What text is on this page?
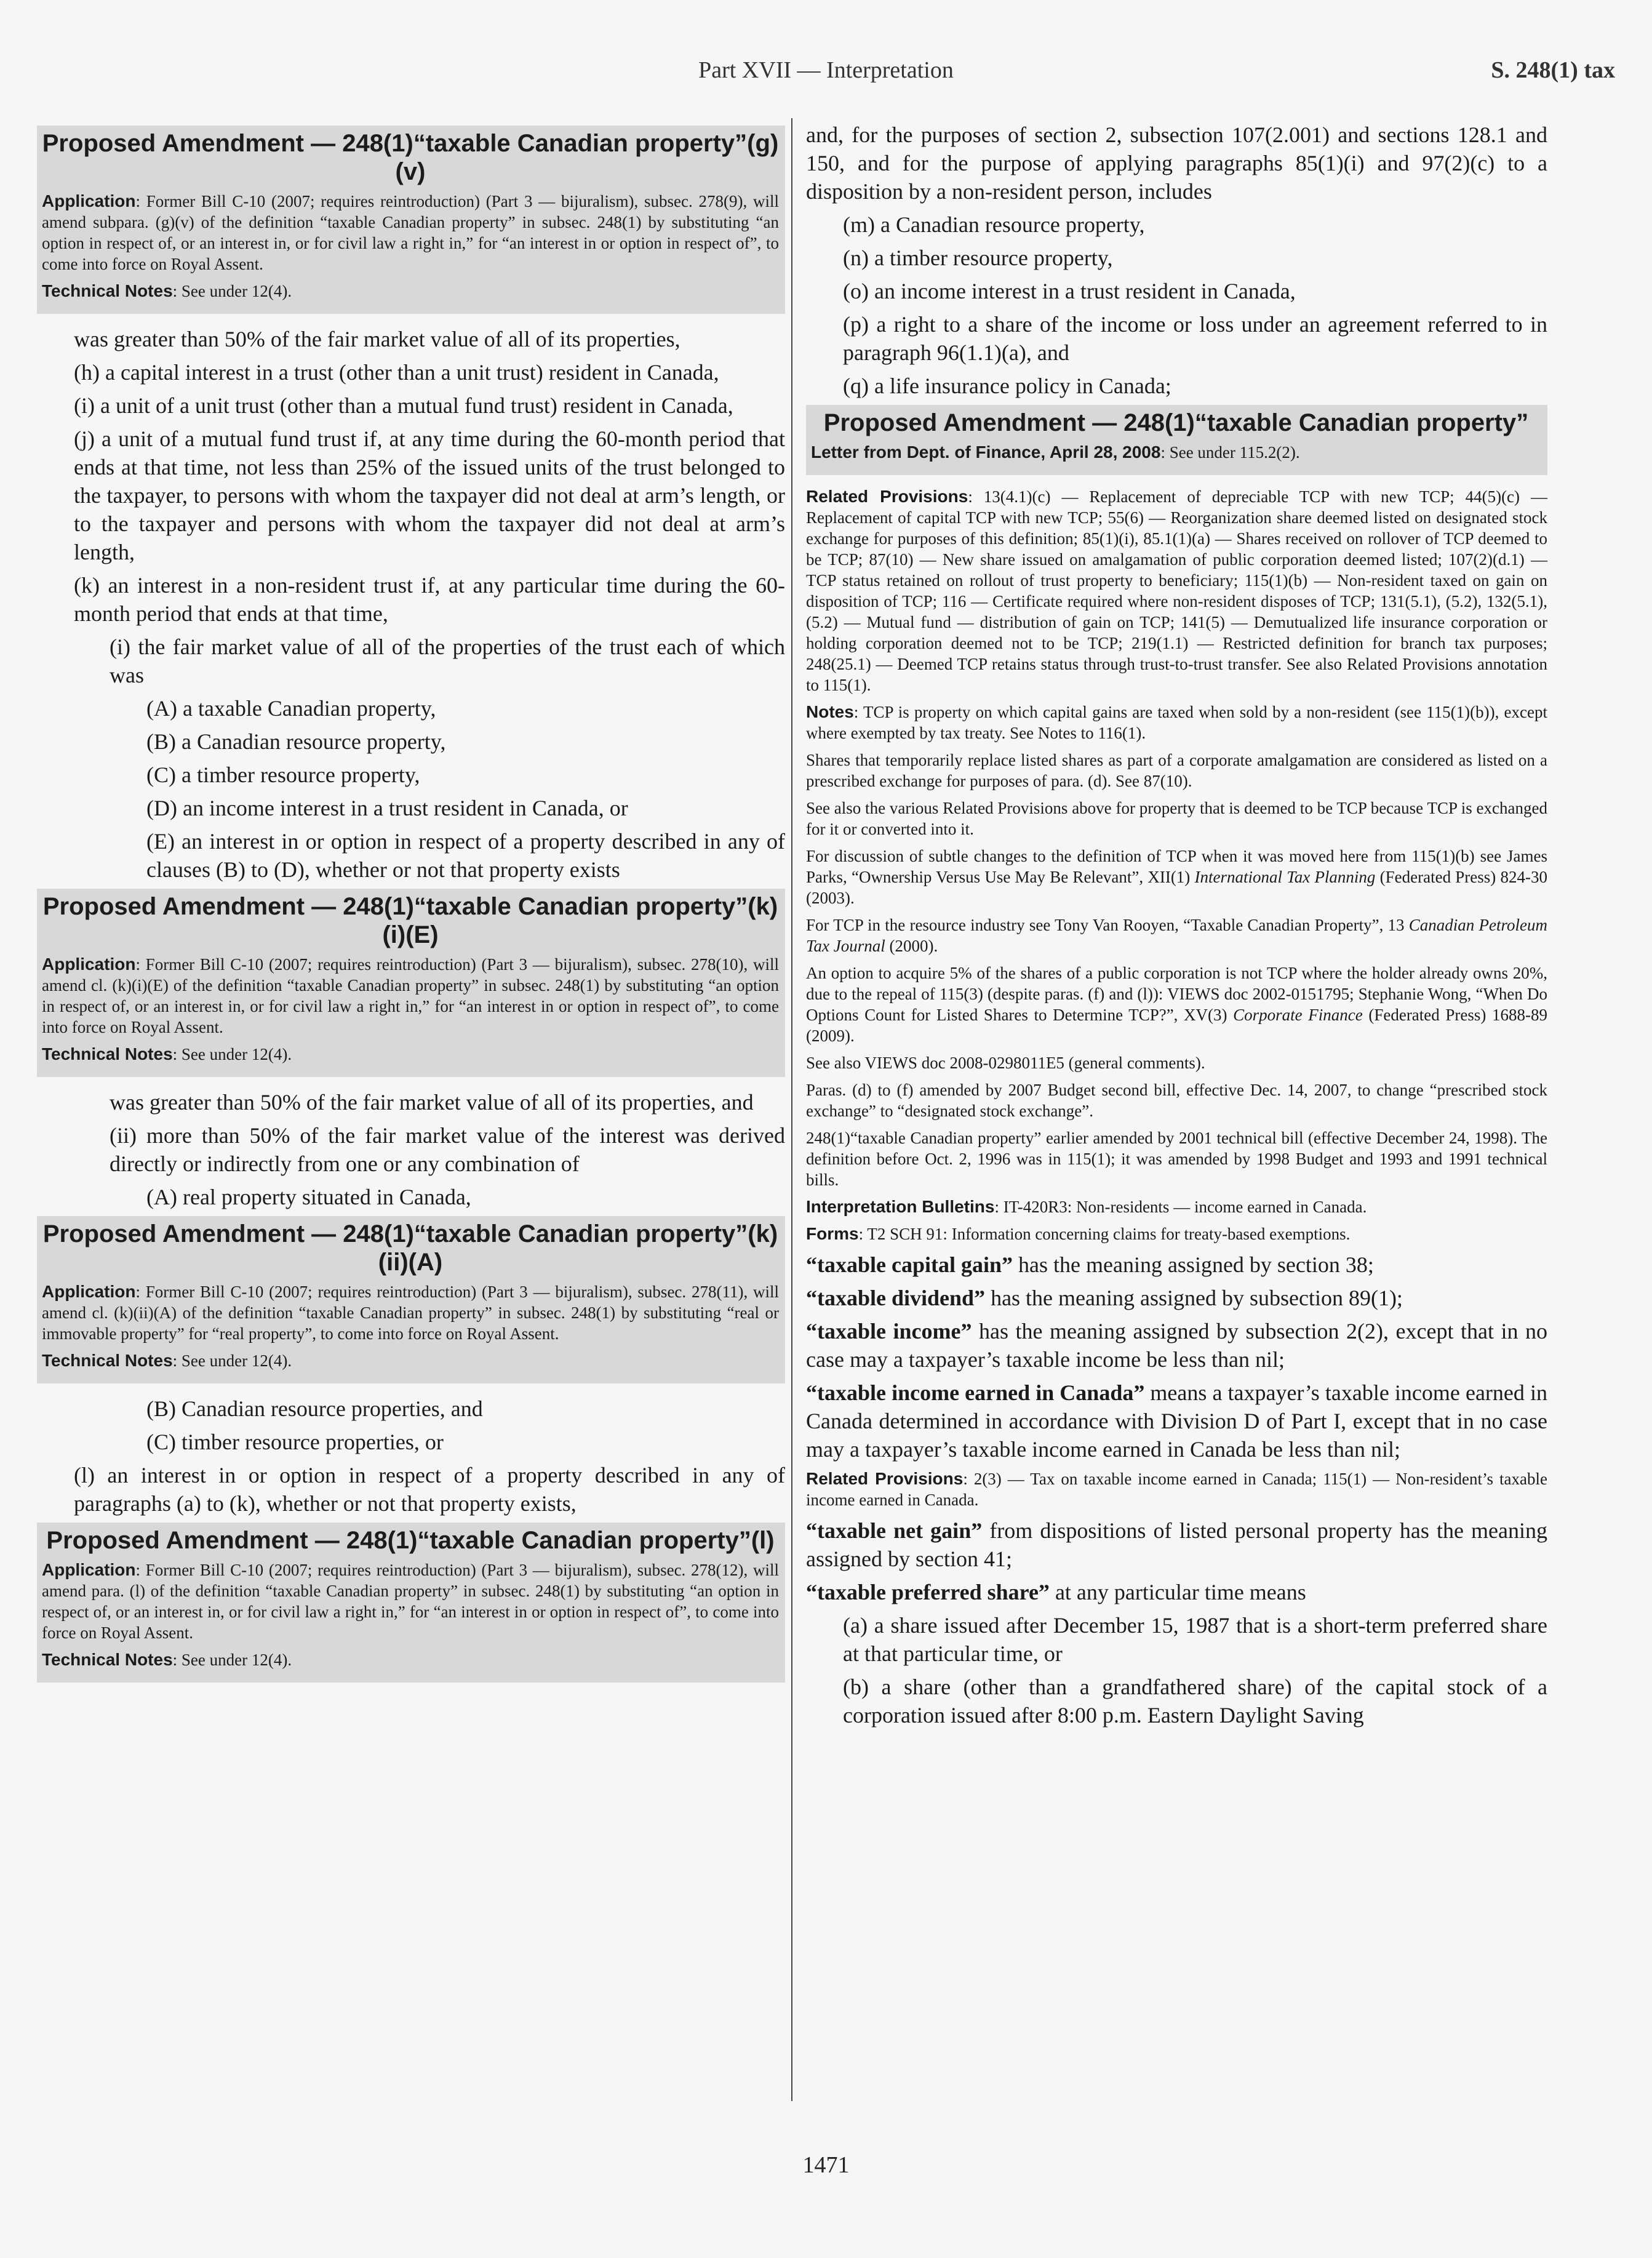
Part XVII — Interpretation	S. 248(1) tax
Proposed Amendment — 248(1)“taxable Canadian property”(g)(v)
Application: Former Bill C-10 (2007; requires reintroduction) (Part 3 — bijuralism), subsec. 278(9), will amend subpara. (g)(v) of the definition “taxable Canadian property” in subsec. 248(1) by substituting “an option in respect of, or an interest in, or for civil law a right in,” for “an interest in or option in respect of”, to come into force on Royal Assent.
Technical Notes: See under 12(4).

was greater than 50% of the fair market value of all of its properties,

(h) a capital interest in a trust (other than a unit trust) resident in Canada,

(i) a unit of a unit trust (other than a mutual fund trust) resident in Canada,

(j) a unit of a mutual fund trust if, at any time during the 60-month period that ends at that time, not less than 25% of the issued units of the trust belonged to the taxpayer, to persons with whom the taxpayer did not deal at arm’s length, or to the taxpayer and persons with whom the taxpayer did not deal at arm’s length,

(k) an interest in a non-resident trust if, at any particular time during the 60-month period that ends at that time,

(i) the fair market value of all of the properties of the trust each of which was

(A) a taxable Canadian property,

(B) a Canadian resource property,

(C) a timber resource property,

(D) an income interest in a trust resident in Canada, or

(E) an interest in or option in respect of a property described in any of clauses (B) to (D), whether or not that property exists

Proposed Amendment — 248(1)“taxable Canadian property”(k)(i)(E)
Application: Former Bill C-10 (2007; requires reintroduction) (Part 3 — bijuralism), subsec. 278(10), will amend cl. (k)(i)(E) of the definition “taxable Canadian property” in subsec. 248(1) by substituting “an option in respect of, or an interest in, or for civil law a right in,” for “an interest in or option in respect of”, to come into force on Royal Assent.
Technical Notes: See under 12(4).

was greater than 50% of the fair market value of all of its properties, and

(ii) more than 50% of the fair market value of the interest was derived directly or indirectly from one or any combination of

(A) real property situated in Canada,

Proposed Amendment — 248(1)“taxable Canadian property”(k)(ii)(A)
Application: Former Bill C-10 (2007; requires reintroduction) (Part 3 — bijuralism), subsec. 278(11), will amend cl. (k)(ii)(A) of the definition “taxable Canadian property” in subsec. 248(1) by substituting “real or immovable property” for “real property”, to come into force on Royal Assent.
Technical Notes: See under 12(4).

(B) Canadian resource properties, and

(C) timber resource properties, or

(l) an interest in or option in respect of a property described in any of paragraphs (a) to (k), whether or not that property exists,

Proposed Amendment — 248(1)“taxable Canadian property”(l)
Application: Former Bill C-10 (2007; requires reintroduction) (Part 3 — bijuralism), subsec. 278(12), will amend para. (l) of the definition “taxable Canadian property” in subsec. 248(1) by substituting “an option in respect of, or an interest in, or for civil law a right in,” for “an interest in or option in respect of”, to come into force on Royal Assent.
Technical Notes: See under 12(4).

and, for the purposes of section 2, subsection 107(2.001) and sections 128.1 and 150, and for the purpose of applying paragraphs 85(1)(i) and 97(2)(c) to a disposition by a non-resident person, includes

(m) a Canadian resource property,

(n) a timber resource property,

(o) an income interest in a trust resident in Canada,

(p) a right to a share of the income or loss under an agreement referred to in paragraph 96(1.1)(a), and

(q) a life insurance policy in Canada;

Proposed Amendment — 248(1)“taxable Canadian property”
Letter from Dept. of Finance, April 28, 2008: See under 115.2(2).
Related Provisions: 13(4.1)(c) — Replacement of depreciable TCP with new TCP; 44(5)(c) — Replacement of capital TCP with new TCP; 55(6) — Reorganization share deemed listed on designated stock exchange for purposes of this definition; 85(1)(i), 85.1(1)(a) — Shares received on rollover of TCP deemed to be TCP; 87(10) — New share issued on amalgamation of public corporation deemed listed; 107(2)(d.1) — TCP status retained on rollout of trust property to beneficiary; 115(1)(b) — Non-resident taxed on gain on disposition of TCP; 116 — Certificate required where non-resident disposes of TCP; 131(5.1), (5.2), 132(5.1), (5.2) — Mutual fund — distribution of gain on TCP; 141(5) — Demutualized life insurance corporation or holding corporation deemed not to be TCP; 219(1.1) — Restricted definition for branch tax purposes; 248(25.1) — Deemed TCP retains status through trust-to-trust transfer. See also Related Provisions annotation to 115(1).
Notes: TCP is property on which capital gains are taxed when sold by a non-resident (see 115(1)(b)), except where exempted by tax treaty. See Notes to 116(1).
Shares that temporarily replace listed shares as part of a corporate amalgamation are considered as listed on a prescribed exchange for purposes of para. (d). See 87(10).
See also the various Related Provisions above for property that is deemed to be TCP because TCP is exchanged for it or converted into it.
For discussion of subtle changes to the definition of TCP when it was moved here from 115(1)(b) see James Parks, “Ownership Versus Use May Be Relevant”, XII(1) International Tax Planning (Federated Press) 824-30 (2003).
For TCP in the resource industry see Tony Van Rooyen, “Taxable Canadian Property”, 13 Canadian Petroleum Tax Journal (2000).
An option to acquire 5% of the shares of a public corporation is not TCP where the holder already owns 20%, due to the repeal of 115(3) (despite paras. (f) and (l)): VIEWS doc 2002-0151795; Stephanie Wong, “When Do Options Count for Listed Shares to Determine TCP?”, XV(3) Corporate Finance (Federated Press) 1688-89 (2009).
See also VIEWS doc 2008-0298011E5 (general comments).
Paras. (d) to (f) amended by 2007 Budget second bill, effective Dec. 14, 2007, to change “prescribed stock exchange” to “designated stock exchange”.
248(1)“taxable Canadian property” earlier amended by 2001 technical bill (effective December 24, 1998). The definition before Oct. 2, 1996 was in 115(1); it was amended by 1998 Budget and 1993 and 1991 technical bills.
Interpretation Bulletins: IT-420R3: Non-residents — income earned in Canada.
Forms: T2 SCH 91: Information concerning claims for treaty-based exemptions.

“taxable capital gain” has the meaning assigned by section 38;

“taxable dividend” has the meaning assigned by subsection 89(1);

“taxable income” has the meaning assigned by subsection 2(2), except that in no case may a taxpayer’s taxable income be less than nil;

“taxable income earned in Canada” means a taxpayer’s taxable income earned in Canada determined in accordance with Division D of Part I, except that in no case may a taxpayer’s taxable income earned in Canada be less than nil;

Related Provisions: 2(3) — Tax on taxable income earned in Canada; 115(1) — Non-resident’s taxable income earned in Canada.

“taxable net gain” from dispositions of listed personal property has the meaning assigned by section 41;

“taxable preferred share” at any particular time means

(a) a share issued after December 15, 1987 that is a short-term preferred share at that particular time, or

(b) a share (other than a grandfathered share) of the capital stock of a corporation issued after 8:00 p.m. Eastern Daylight Saving

1471
